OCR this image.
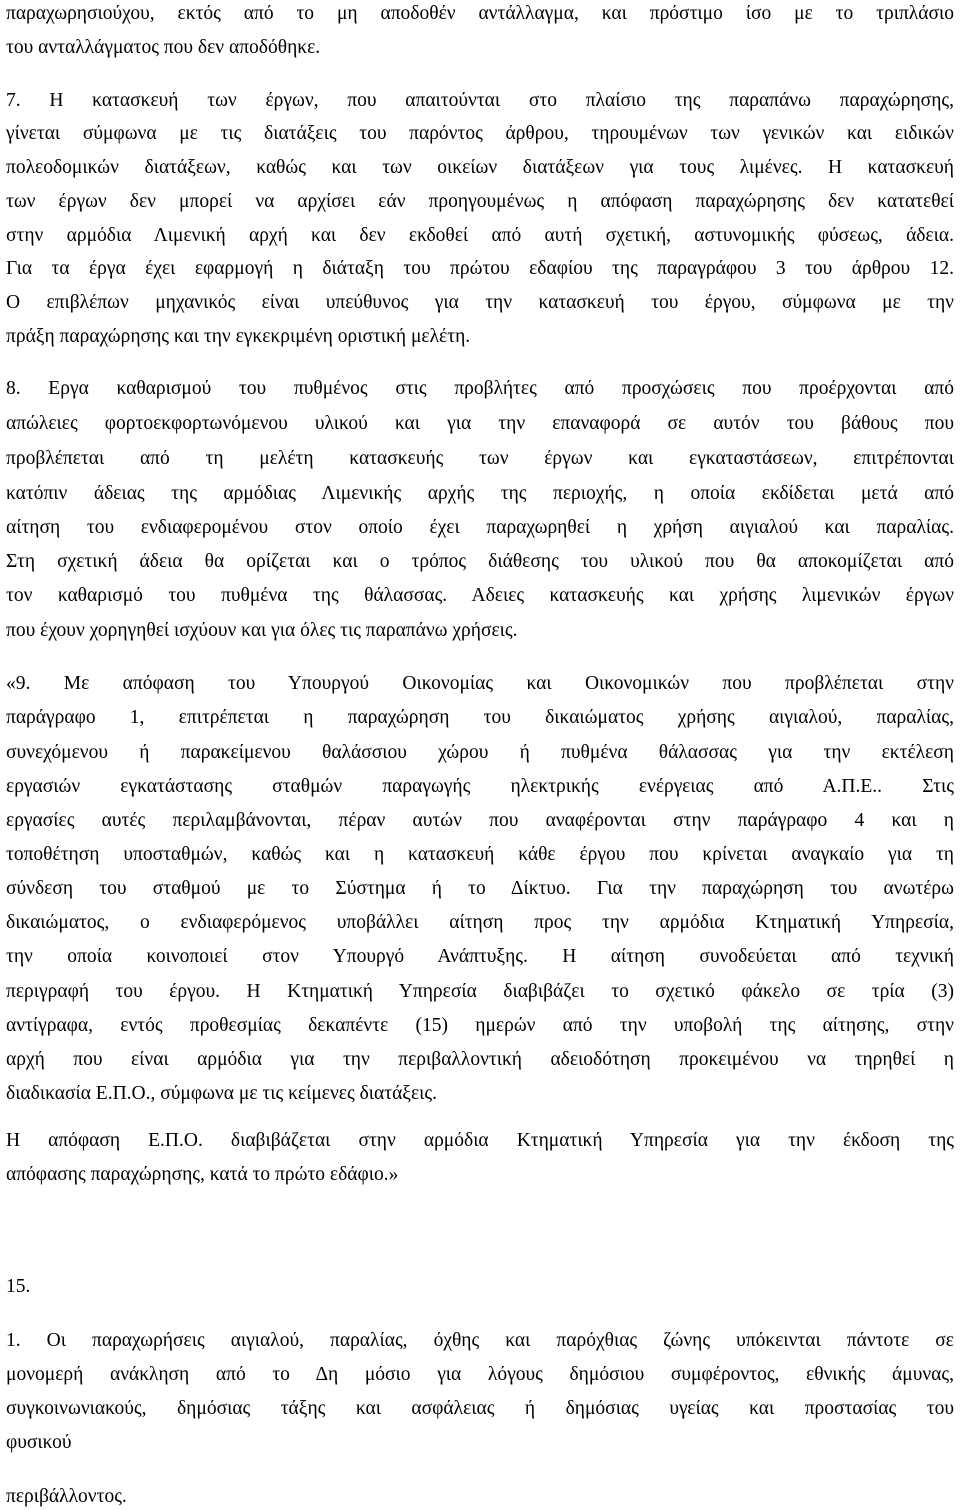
παραχωρησιούχου, εκτός από το μη αποδοθέν αντάλλαγμα, και πρόστιμο ίσο με το τριπλάσιο
του ανταλλάγματος που δεν αποδόθηκε.
7. Η κατασκευή των έργων, που απαιτούνται στο πλαίσιο της παραπάνω παραχώρησης,
γίνεται σύμφωνα με τις διατάξεις του παρόντος άρθρου, τηρουμένων των γενικών και ειδικών
πολεοδομικών διατάξεων, καθώς και των οικείων διατάξεων για τους λιμένες. Η κατασκευή
των έργων δεν μπορεί να αρχίσει εάν προηγουμένως η απόφαση παραχώρησης δεν κατατεθεί
στην αρμόδια Λιμενική αρχή και δεν εκδοθεί από αυτή σχετική, αστυνομικής φύσεως, άδεια.
Για τα έργα έχει εφαρμογή η διάταξη του πρώτου εδαφίου της παραγράφου 3 του άρθρου 12.
Ο επιβλέπων μηχανικός είναι υπεύθυνος για την κατασκευή του έργου, σύμφωνα με την
πράξη παραχώρησης και την εγκεκριμένη οριστική μελέτη.
8. Εργα καθαρισμού του πυθμένος στις προβλήτες από προσχώσεις που προέρχονται από
απώλειες φορτοεκφορτωνόμενου υλικού και για την επαναφορά σε αυτόν του βάθους που
προβλέπεται από τη μελέτη κατασκευής των έργων και εγκαταστάσεων, επιτρέπονται
κατόπιν άδειας της αρμόδιας Λιμενικής αρχής της περιοχής, η οποία εκδίδεται μετά από
αίτηση του ενδιαφερομένου στον οποίο έχει παραχωρηθεί η χρήση αιγιαλού και παραλίας.
Στη σχετική άδεια θα ορίζεται και ο τρόπος διάθεσης του υλικού που θα αποκομίζεται από
τον καθαρισμό του πυθμένα της θάλασσας. Αδειες κατασκευής και χρήσης λιμενικών έργων
που έχουν χορηγηθεί ισχύουν και για όλες τις παραπάνω χρήσεις.
«9. Με απόφαση του Υπουργού Οικονομίας και Οικονομικών που προβλέπεται στην
παράγραφο 1, επιτρέπεται η παραχώρηση του δικαιώματος χρήσης αιγιαλού, παραλίας,
συνεχόμενου ή παρακείμενου θαλάσσιου χώρου ή πυθμένα θάλασσας για την εκτέλεση
εργασιών εγκατάστασης σταθμών παραγωγής ηλεκτρικής ενέργειας από Α.Π.Ε.. Στις
εργασίες αυτές περιλαμβάνονται, πέραν αυτών που αναφέρονται στην παράγραφο 4 και η
τοποθέτηση υποσταθμών, καθώς και η κατασκευή κάθε έργου που κρίνεται αναγκαίο για τη
σύνδεση του σταθμού με το Σύστημα ή το Δίκτυο. Για την παραχώρηση του ανωτέρω
δικαιώματος, ο ενδιαφερόμενος υποβάλλει αίτηση προς την αρμόδια Κτηματική Υπηρεσία,
την οποία κοινοποιεί στον Υπουργό Ανάπτυξης. Η αίτηση συνοδεύεται από τεχνική
περιγραφή του έργου. Η Κτηματική Υπηρεσία διαβιβάζει το σχετικό φάκελο σε τρία (3)
αντίγραφα, εντός προθεσμίας δεκαπέντε (15) ημερών από την υποβολή της αίτησης, στην
αρχή που είναι αρμόδια για την περιβαλλοντική αδειοδότηση προκειμένου να τηρηθεί η
διαδικασία Ε.Π.Ο., σύμφωνα με τις κείμενες διατάξεις.
Η απόφαση Ε.Π.Ο. διαβιβάζεται στην αρμόδια Κτηματική Υπηρεσία για την έκδοση της
απόφασης παραχώρησης, κατά το πρώτο εδάφιο.»
15.
1. Οι παραχωρήσεις αιγιαλού, παραλίας, όχθης και παρόχθιας ζώνης υπόκεινται πάντοτε σε
μονομερή ανάκληση από το Δη μόσιο για λόγους δημόσιου συμφέροντος, εθνικής άμυνας,
συγκοινωνιακούς, δημόσιας τάξης και ασφάλειας ή δημόσιας υγείας και προστασίας του
φυσικού
περιβάλλοντος.
